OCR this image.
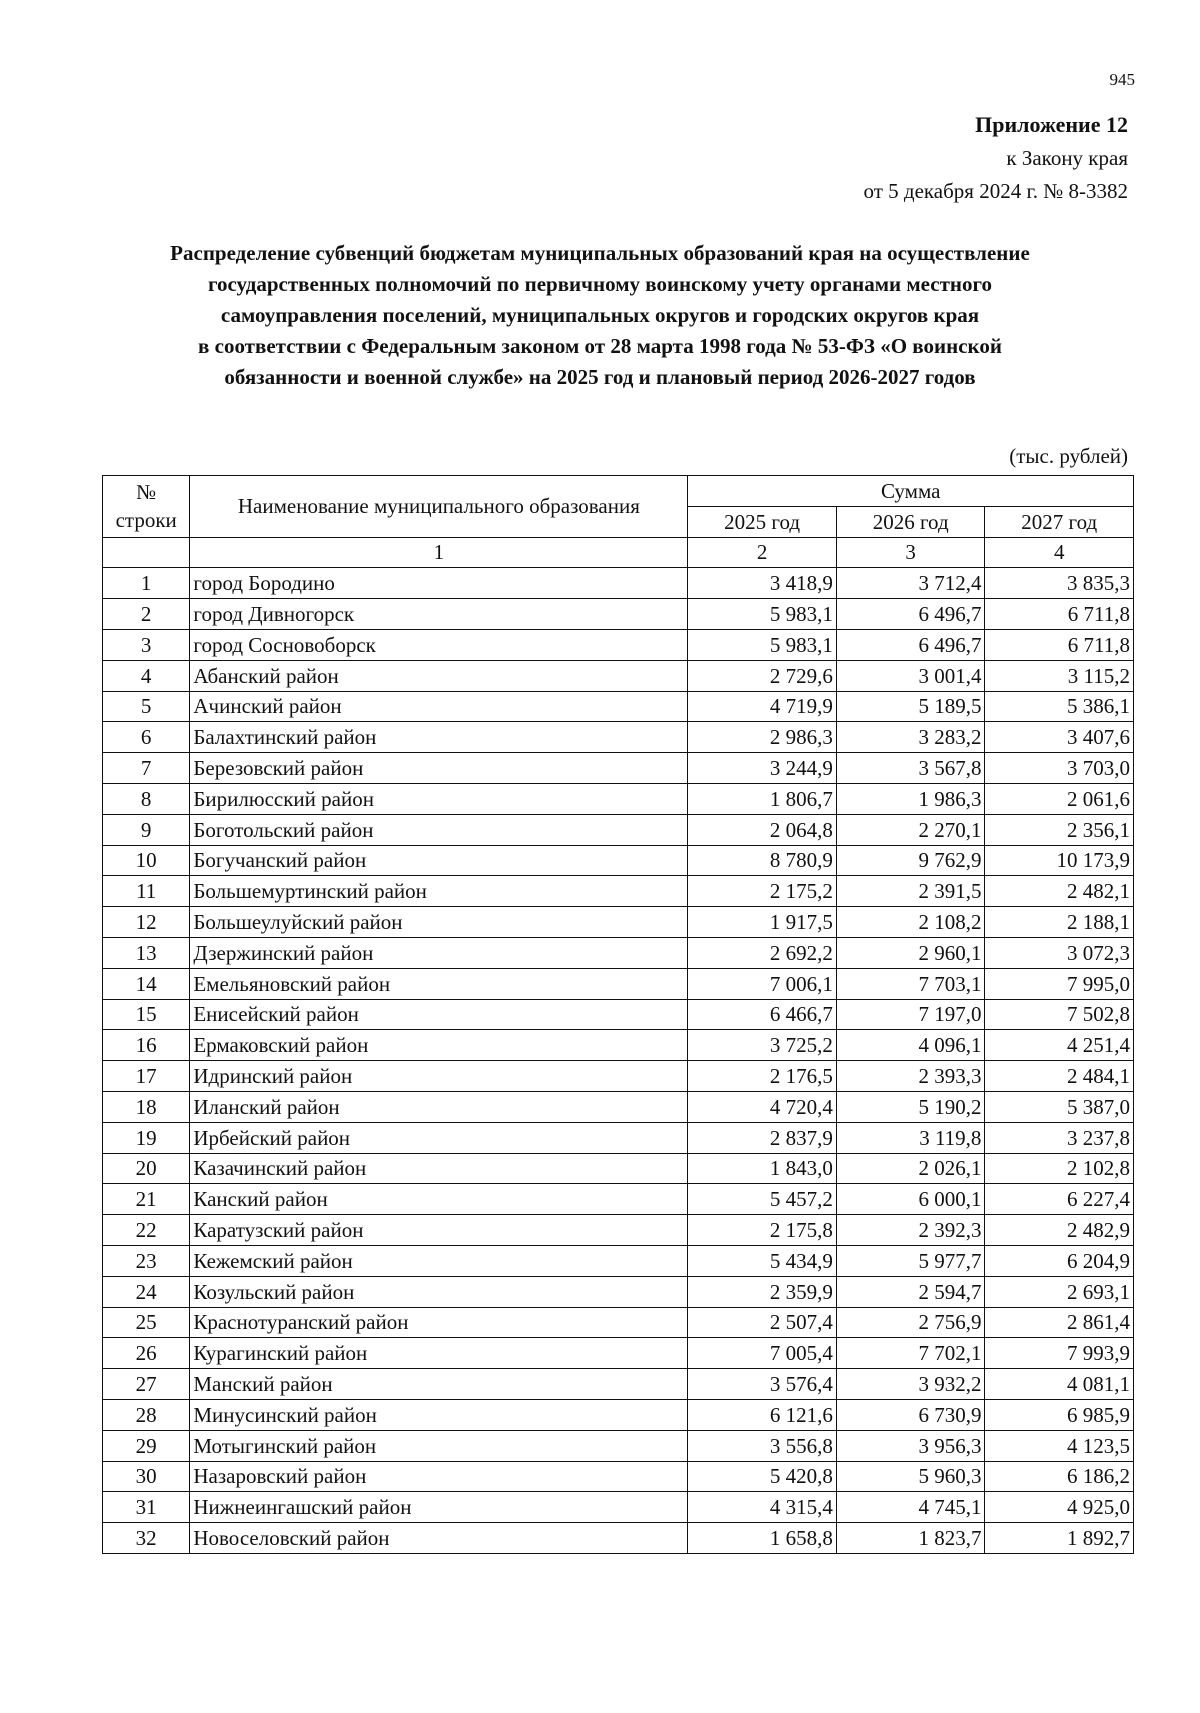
945
Приложение 12
к Закону края
от 5 декабря 2024 г. № 8-3382
Распределение субвенций бюджетам муниципальных образований края на осуществление
государственных полномочий по первичному воинскому учету органами местного
самоуправления поселений, муниципальных округов и городских округов края
в соответствии с Федеральным законом от 28 марта 1998 года № 53-ФЗ «О воинской
обязанности и военной службе» на 2025 год и плановый период 2026-2027 годов
(тыс. рублей)
№
строки	Наименование муниципального образования	Сумма		
		2025 год	2026 год	2027 год
	1	2	3	4
1	город Бородино	3 418,9	3 712,4	3 835,3
2	город Дивногорск	5 983,1	6 496,7	6 711,8
3	город Сосновоборск	5 983,1	6 496,7	6 711,8
4	Абанский район	2 729,6	3 001,4	3 115,2
5	Ачинский район	4 719,9	5 189,5	5 386,1
6	Балахтинский район	2 986,3	3 283,2	3 407,6
7	Березовский район	3 244,9	3 567,8	3 703,0
8	Бирилюсский район	1 806,7	1 986,3	2 061,6
9	Боготольский район	2 064,8	2 270,1	2 356,1
10	Богучанский район	8 780,9	9 762,9	10 173,9
11	Большемуртинский район	2 175,2	2 391,5	2 482,1
12	Большеулуйский район	1 917,5	2 108,2	2 188,1
13	Дзержинский район	2 692,2	2 960,1	3 072,3
14	Емельяновский район	7 006,1	7 703,1	7 995,0
15	Енисейский район	6 466,7	7 197,0	7 502,8
16	Ермаковский район	3 725,2	4 096,1	4 251,4
17	Идринский район	2 176,5	2 393,3	2 484,1
18	Иланский район	4 720,4	5 190,2	5 387,0
19	Ирбейский район	2 837,9	3 119,8	3 237,8
20	Казачинский район	1 843,0	2 026,1	2 102,8
21	Канский район	5 457,2	6 000,1	6 227,4
22	Каратузский район	2 175,8	2 392,3	2 482,9
23	Кежемский район	5 434,9	5 977,7	6 204,9
24	Козульский район	2 359,9	2 594,7	2 693,1
25	Краснотуранский район	2 507,4	2 756,9	2 861,4
26	Курагинский район	7 005,4	7 702,1	7 993,9
27	Манский район	3 576,4	3 932,2	4 081,1
28	Минусинский район	6 121,6	6 730,9	6 985,9
29	Мотыгинский район	3 556,8	3 956,3	4 123,5
30	Назаровский район	5 420,8	5 960,3	6 186,2
31	Нижнеингашский район	4 315,4	4 745,1	4 925,0
32	Новоселовский район	1 658,8	1 823,7	1 892,7
